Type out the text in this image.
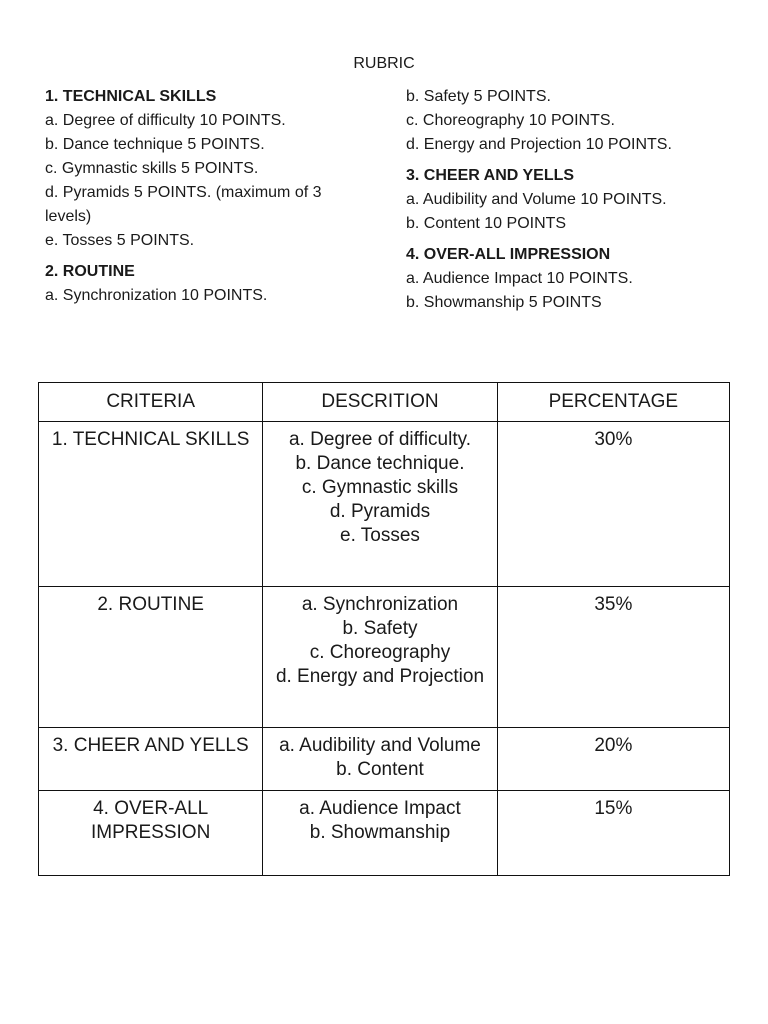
RUBRIC
1. TECHNICAL SKILLS
a. Degree of difficulty 10 POINTS.
b. Dance technique 5 POINTS.
c. Gymnastic skills 5 POINTS.
d. Pyramids 5 POINTS. (maximum of 3 levels)
e. Tosses 5 POINTS.
2. ROUTINE
a. Synchronization 10 POINTS.
b. Safety 5 POINTS.
c. Choreography 10 POINTS.
d. Energy and Projection 10 POINTS.
3. CHEER AND YELLS
a. Audibility and Volume 10 POINTS.
b. Content 10 POINTS
4. OVER-ALL IMPRESSION
a. Audience Impact 10 POINTS.
b. Showmanship 5 POINTS
CRITERIA	DESCRITION	PERCENTAGE

1. TECHNICAL SKILLS	a. Degree of difficulty.
b. Dance technique.
c. Gymnastic skills
d. Pyramids
e. Tosses	30%

2. ROUTINE	a. Synchronization
b. Safety
c. Choreography
d. Energy and Projection	35%

3. CHEER AND YELLS	a. Audibility and Volume
b. Content	20%

4. OVER-ALL
IMPRESSION	a. Audience Impact
b. Showmanship	15%
